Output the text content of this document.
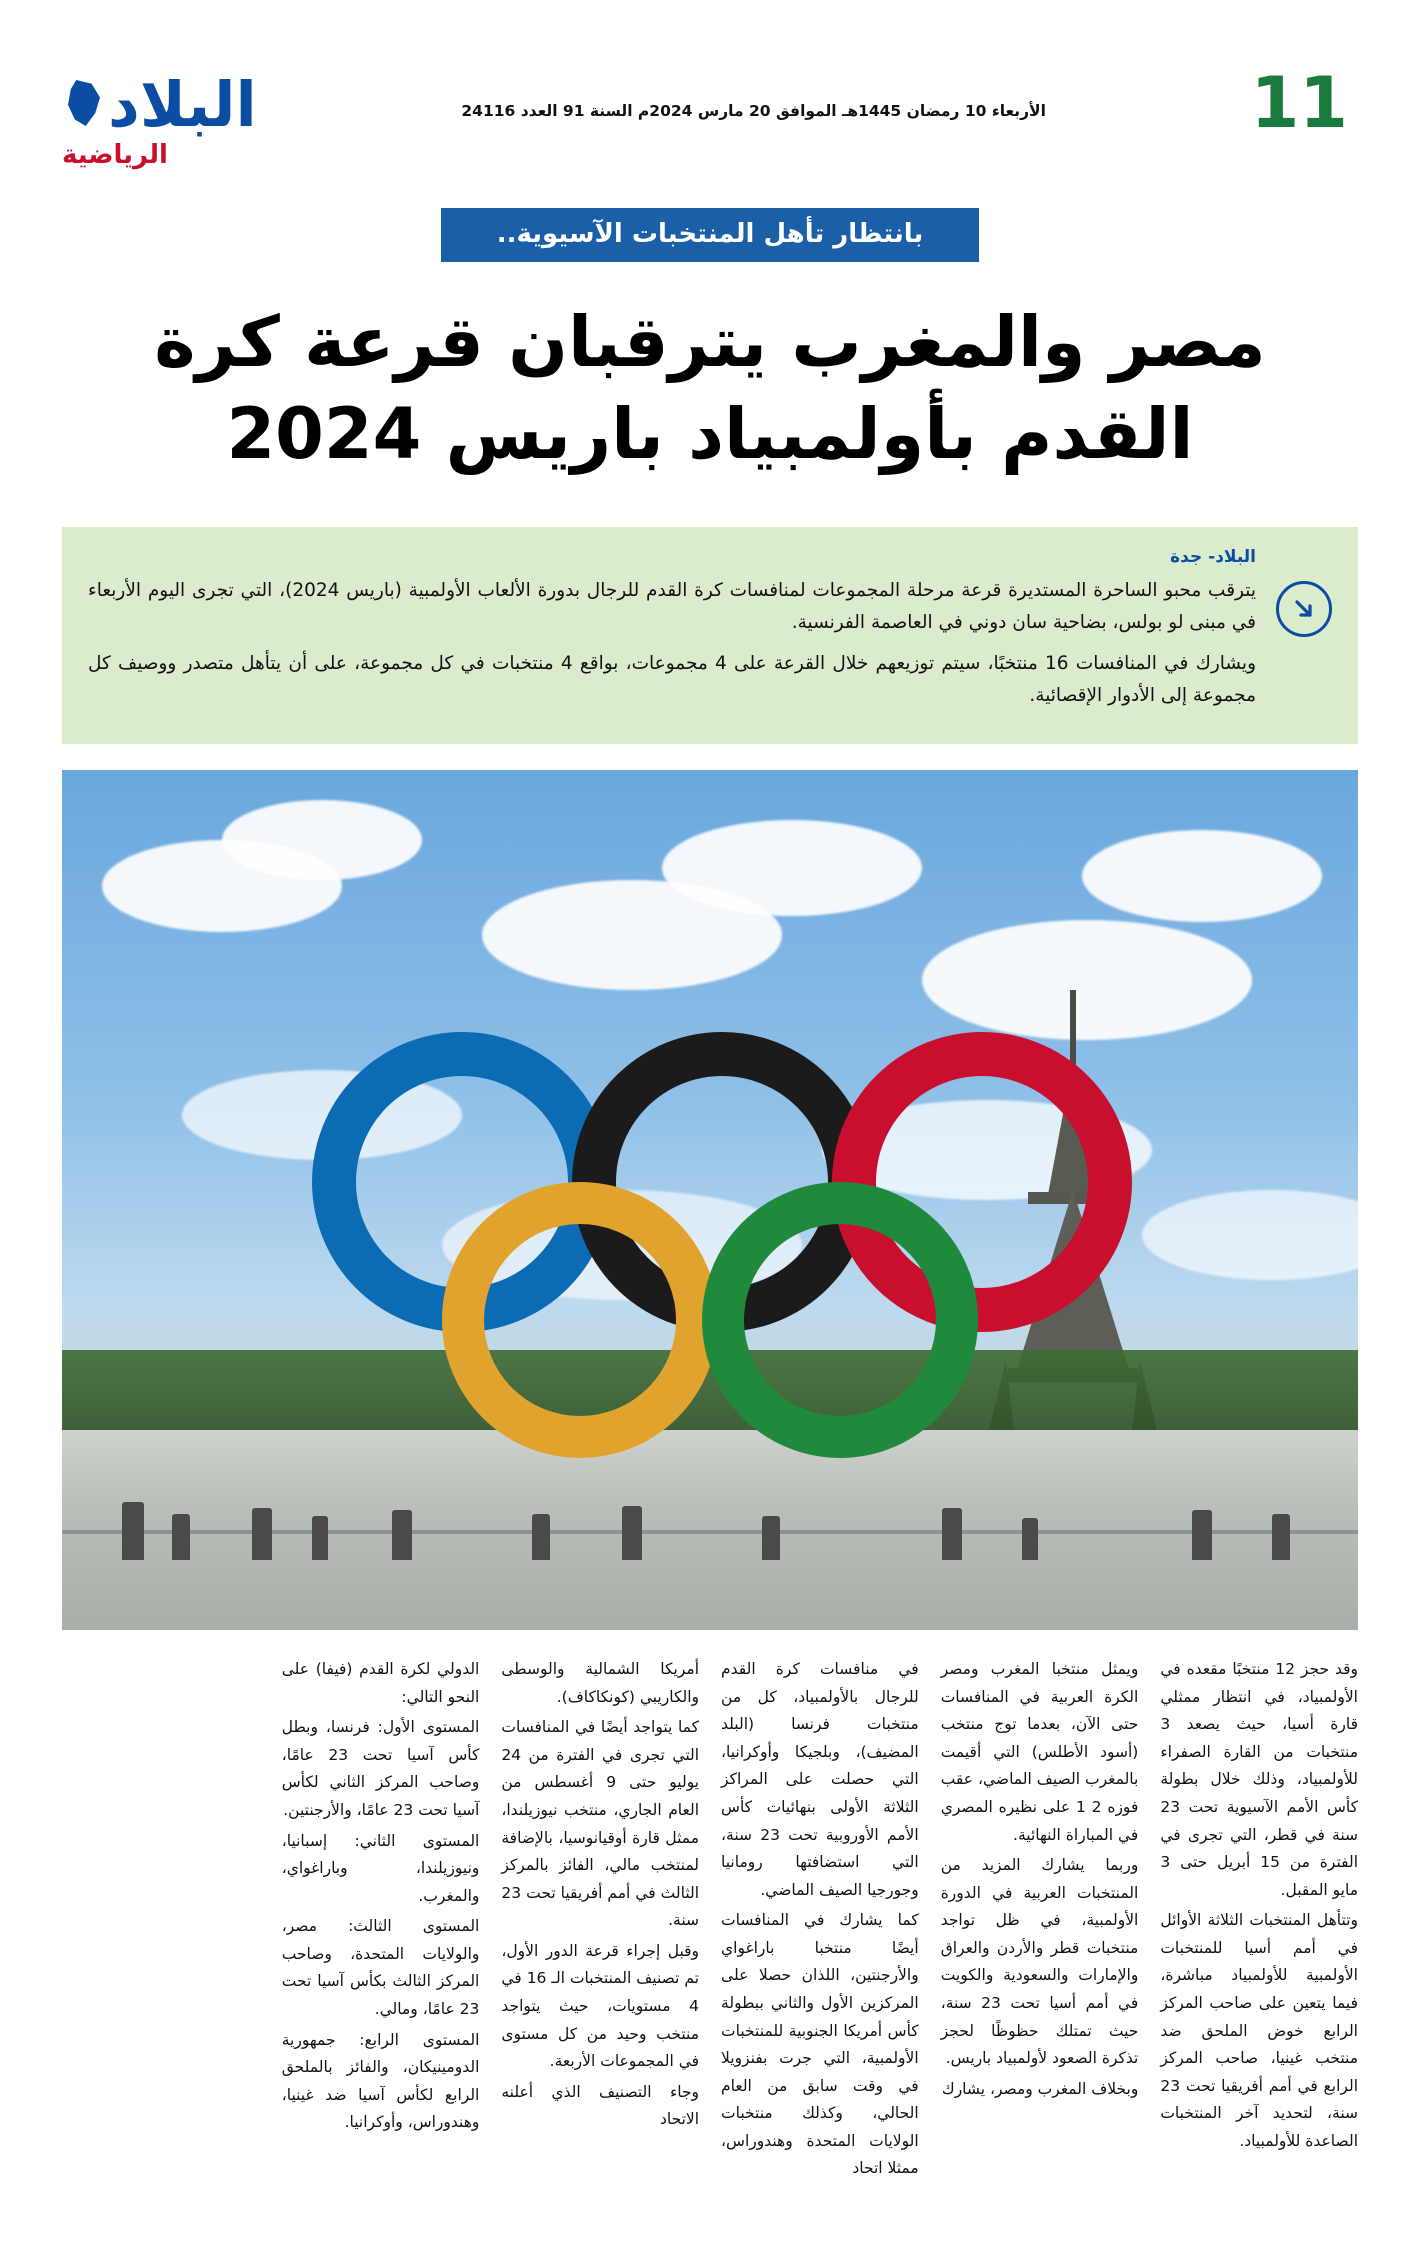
البلاد
الرياضية
الأربعاء 10 رمضان 1445هـ الموافق 20 مارس 2024م السنة 91 العدد 24116	11
بانتظار تأهل المنتخبات الآسيوية..
مصر والمغرب يترقبان قرعة كرة القدم بأولمبياد باريس 2024
البلاد- جدة

يترقب محبو الساحرة المستديرة قرعة مرحلة المجموعات لمنافسات كرة القدم للرجال بدورة الألعاب الأولمبية (باريس 2024)، التي تجرى اليوم الأربعاء في مبنى لو بولس، بضاحية سان دوني في العاصمة الفرنسية.

ويشارك في المنافسات 16 منتخبًا، سيتم توزيعهم خلال القرعة على 4 مجموعات، بواقع 4 منتخبات في كل مجموعة، على أن يتأهل متصدر ووصيف كل مجموعة إلى الأدوار الإقصائية.

وقد حجز 12 منتخبًا مقعده في الأولمبياد، في انتظار ممثلي قارة أسيا، حيث يصعد 3 منتخبات من القارة الصفراء للأولمبياد، وذلك خلال بطولة كأس الأمم الآسيوية تحت 23 سنة في قطر، التي تجرى في الفترة من 15 أبريل حتى 3 مايو المقبل.

وتتأهل المنتخبات الثلاثة الأوائل في أمم أسيا للمنتخبات الأولمبية للأولمبياد مباشرة، فيما يتعين على صاحب المركز الرابع خوض الملحق ضد منتخب غينيا، صاحب المركز الرابع في أمم أفريقيا تحت 23 سنة، لتحديد آخر المنتخبات الصاعدة للأولمبياد.

ويمثل منتخبا المغرب ومصر الكرة العربية في المنافسات حتى الآن، بعدما توج منتخب (أسود الأطلس) التي أقيمت بالمغرب الصيف الماضي، عقب فوزه 2 1 على نظيره المصري في المباراة النهائية.

وربما يشارك المزيد من المنتخبات العربية في الدورة الأولمبية، في ظل تواجد منتخبات قطر والأردن والعراق والإمارات والسعودية والكويت في أمم أسيا تحت 23 سنة، حيث تمتلك حظوظًا لحجز تذكرة الصعود لأولمبياد باريس.

وبخلاف المغرب ومصر، يشارك

في منافسات كرة القدم للرجال بالأولمبياد، كل من منتخبات فرنسا (البلد المضيف)، وبلجيكا وأوكرانيا، التي حصلت على المراكز الثلاثة الأولى بنهائيات كأس الأمم الأوروبية تحت 23 سنة، التي استضافتها رومانيا وجورجيا الصيف الماضي.

كما يشارك في المنافسات أيضًا منتخبا باراغواي والأرجنتين، اللذان حصلا على المركزين الأول والثاني ببطولة كأس أمريكا الجنوبية للمنتخبات الأولمبية، التي جرت بفنزويلا في وقت سابق من العام الحالي، وكذلك منتخبات الولايات المتحدة وهندوراس، ممثلا اتحاد

أمريكا الشمالية والوسطى والكاريبي (كونكاكاف).

كما يتواجد أيضًا في المنافسات التي تجرى في الفترة من 24 يوليو حتى 9 أغسطس من العام الجاري، منتخب نيوزيلندا، ممثل قارة أوقيانوسيا، بالإضافة لمنتخب مالي، الفائز بالمركز الثالث في أمم أفريقيا تحت 23 سنة.

وقبل إجراء قرعة الدور الأول، تم تصنيف المنتخبات الـ 16 في 4 مستويات، حيث يتواجد منتخب وحيد من كل مستوى في المجموعات الأربعة.

وجاء التصنيف الذي أعلنه الاتحاد

الدولي لكرة القدم (فيفا) على النحو التالي:

المستوى الأول: فرنسا، وبطل كأس آسيا تحت 23 عامًا، وصاحب المركز الثاني لكأس آسيا تحت 23 عامًا، والأرجنتين.

المستوى الثاني: إسبانيا، ونيوزيلندا، وباراغواي، والمغرب.

المستوى الثالث: مصر، والولايات المتحدة، وصاحب المركز الثالث بكأس آسيا تحت 23 عامًا، ومالي.

المستوى الرابع: جمهورية الدومينيكان، والفائز بالملحق الرابع لكأس آسيا ضد غينيا، وهندوراس، وأوكرانيا.
